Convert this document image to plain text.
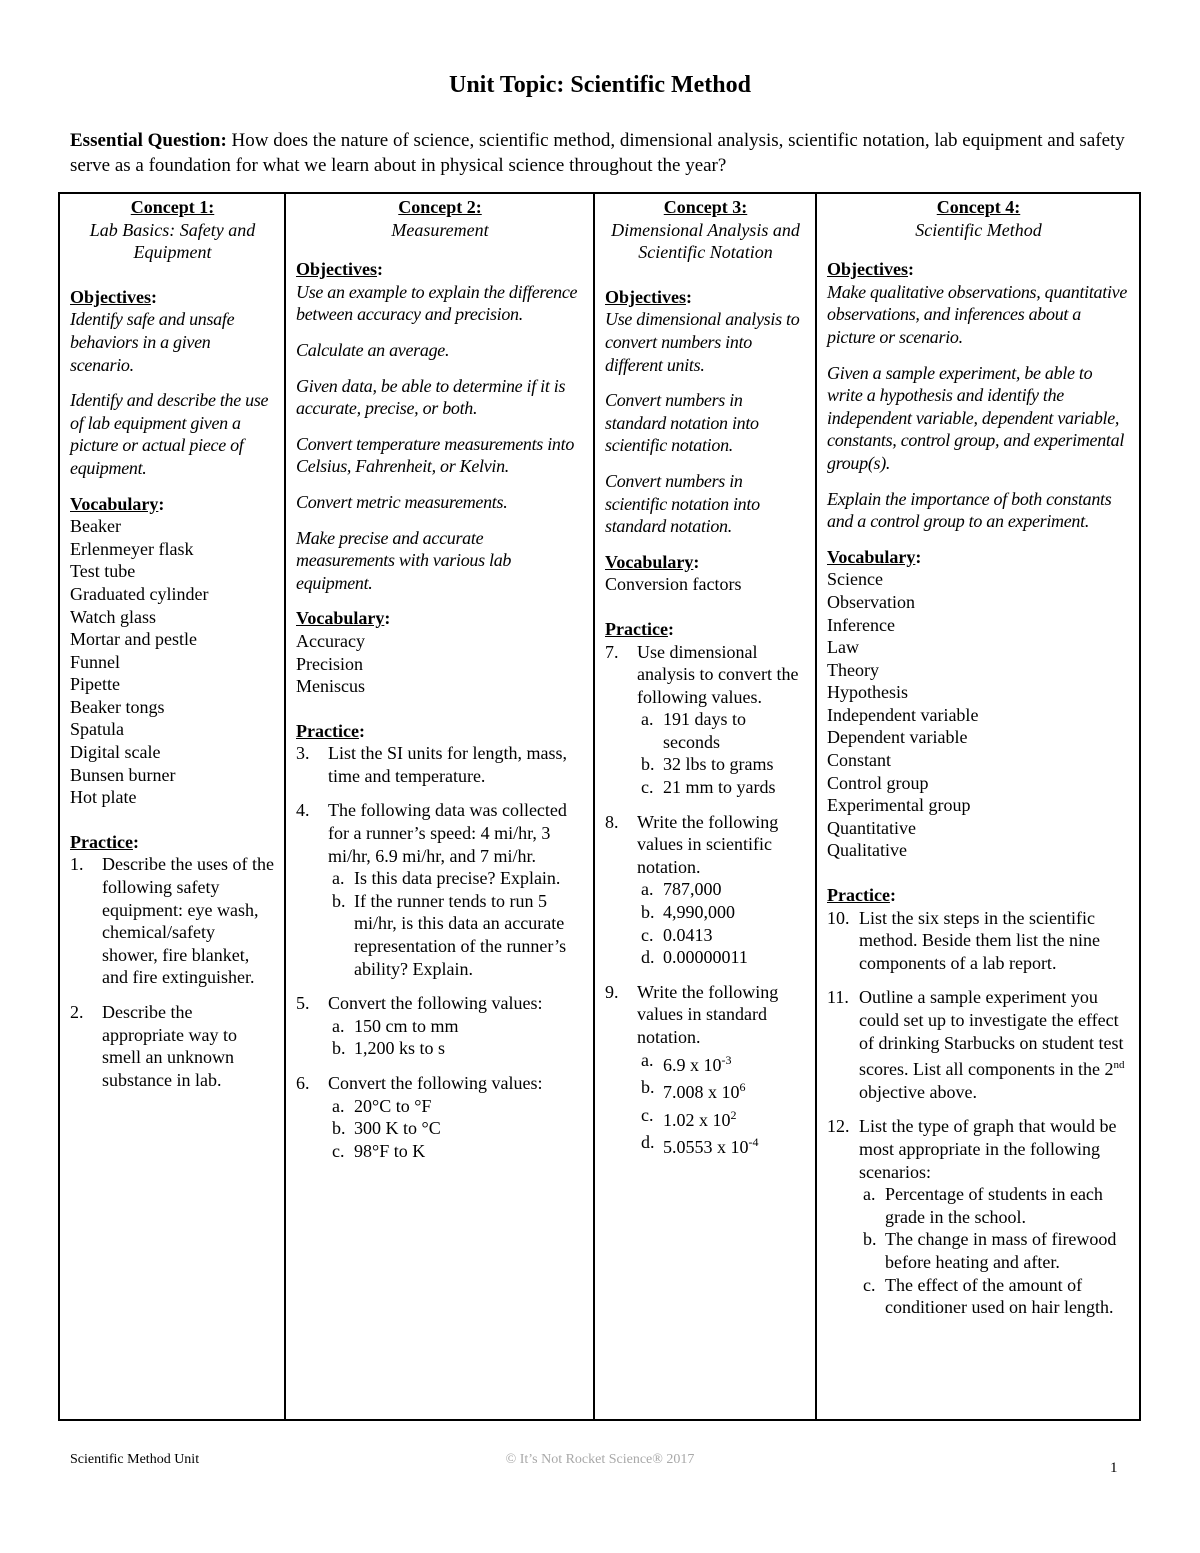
Unit Topic: Scientific Method

Essential Question: How does the nature of science, scientific method, dimensional analysis, scientific notation, lab equipment and safety serve as a foundation for what we learn about in physical science throughout the year?

Concept 1:
Lab Basics: Safety and Equipment
Objectives:

Identify safe and unsafe behaviors in a given scenario.

Identify and describe the use of lab equipment given a picture or actual piece of equipment.

Vocabulary:
Beaker
Erlenmeyer flask
Test tube
Graduated cylinder
Watch glass
Mortar and pestle
Funnel
Pipette
Beaker tongs
Spatula
Digital scale
Bunsen burner
Hot plate
Practice:
1.	Describe the uses of the following safety equipment: eye wash, chemical/safety shower, fire blanket, and fire extinguisher.
2.	Describe the appropriate way to smell an unknown substance in lab.
Concept 2:
Measurement
Objectives:

Use an example to explain the difference between accuracy and precision.

Calculate an average.

Given data, be able to determine if it is accurate, precise, or both.

Convert temperature measurements into Celsius, Fahrenheit, or Kelvin.

Convert metric measurements.

Make precise and accurate measurements with various lab equipment.

Vocabulary:
Accuracy
Precision
Meniscus
Practice:
3.	List the SI units for length, mass, time and temperature.
4.	The following data was collected for a runner’s speed: 4 mi/hr, 3 mi/hr, 6.9 mi/hr, and 7 mi/hr.
a. Is this data precise? Explain.
b. If the runner tends to run 5 mi/hr, is this data an accurate representation of the runner’s ability? Explain.
5.	Convert the following values:
a. 150 cm to mm
b. 1,200 ks to s
6.	Convert the following values:
a. 20°C to °F
b. 300 K to °C
c. 98°F to K
Concept 3:
Dimensional Analysis and Scientific Notation
Objectives:

Use dimensional analysis to convert numbers into different units.

Convert numbers in standard notation into scientific notation.

Convert numbers in scientific notation into standard notation.

Vocabulary:
Conversion factors
Practice:
7.	Use dimensional analysis to convert the following values.
a. 191 days to seconds
b. 32 lbs to grams
c. 21 mm to yards
8.	Write the following values in scientific notation.
a. 787,000
b. 4,990,000
c. 0.0413
d. 0.00000011
9.	Write the following values in standard notation.
a. 6.9 x $10^{-3}$
b. 7.008 x $10^6$
c. 1.02 x $10^2$
d. 5.0553 x $10^{-4}$
Concept 4:
Scientific Method
Objectives:

Make qualitative observations, quantitative observations, and inferences about a picture or scenario.

Given a sample experiment, be able to write a hypothesis and identify the independent variable, dependent variable, constants, control group, and experimental group(s).

Explain the importance of both constants and a control group to an experiment.

Vocabulary:
Science
Observation
Inference
Law
Theory
Hypothesis
Independent variable
Dependent variable
Constant
Control group
Experimental group
Quantitative
Qualitative
Practice:
10. List the six steps in the scientific method. Beside them list the nine components of a lab report.
11. Outline a sample experiment you could set up to investigate the effect of drinking Starbucks on student test scores. List all components in the 2nd objective above.
12. List the type of graph that would be most appropriate in the following scenarios:
a. Percentage of students in each grade in the school.
b. The change in mass of firewood before heating and after.
c. The effect of the amount of conditioner used on hair length.
Scientific Method Unit	© It’s Not Rocket Science® 2017
1
